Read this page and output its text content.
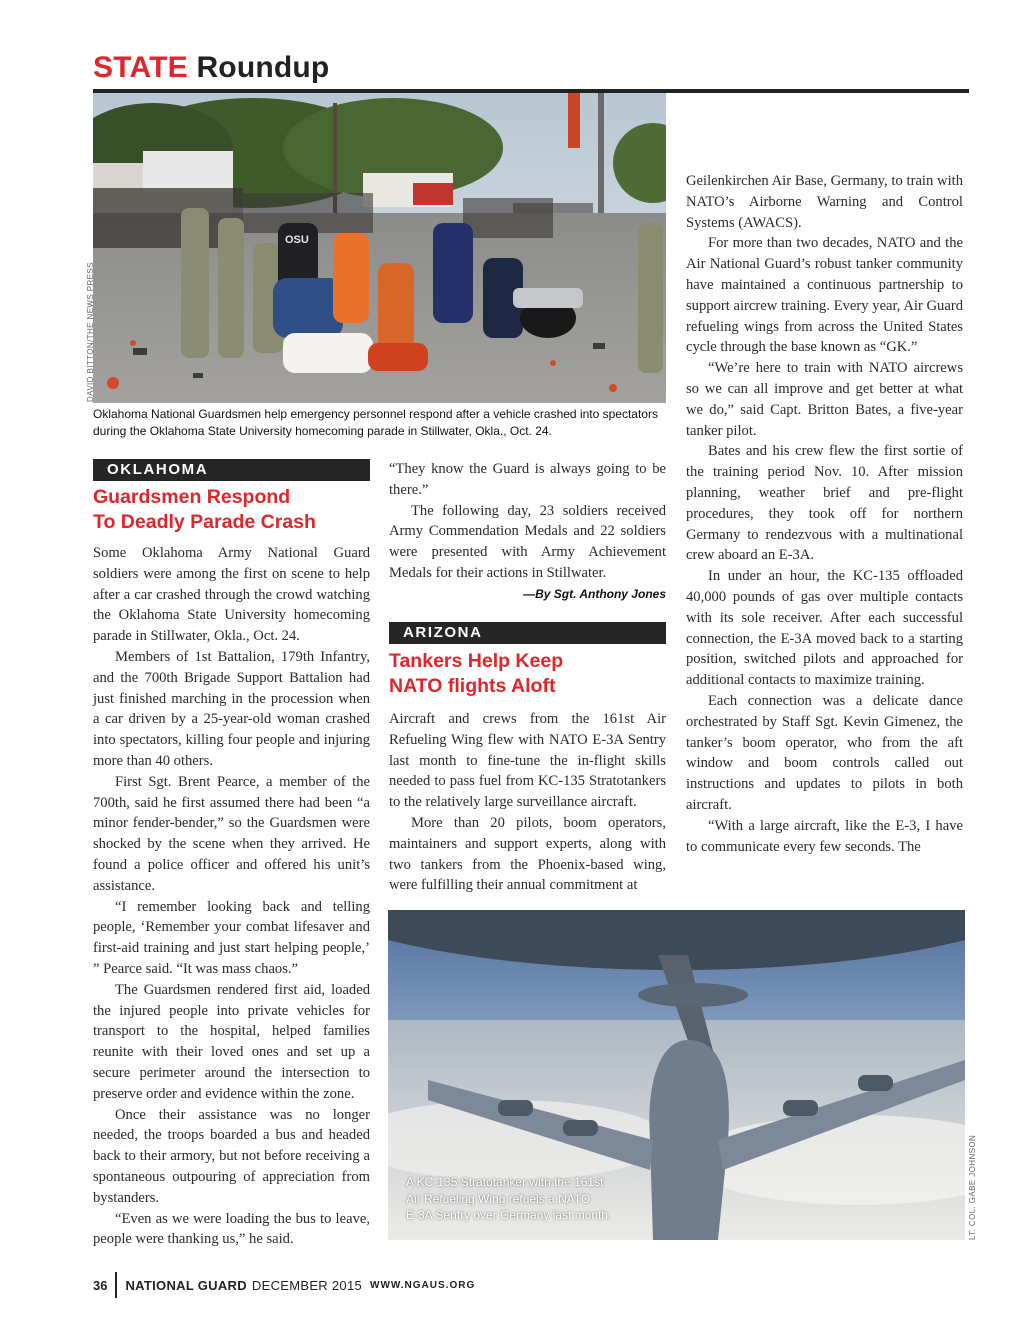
STATE Roundup
OSU
DAVID BITTON/THE NEWS PRESS
Oklahoma National Guardsmen help emergency personnel respond after a vehicle crashed into spectators during the Oklahoma State University homecoming parade in Stillwater, Okla., Oct. 24.
OKLAHOMA
Guardsmen Respond
To Deadly Parade Crash

Some Oklahoma Army National Guard soldiers were among the first on scene to help after a car crashed through the crowd watching the Oklahoma State University homecoming parade in Stillwater, Okla., Oct. 24.

Members of 1st Battalion, 179th Infantry, and the 700th Brigade Support Battalion had just finished marching in the procession when a car driven by a 25-year-old woman crashed into spectators, killing four people and injuring more than 40 others.

First Sgt. Brent Pearce, a member of the 700th, said he first assumed there had been “a minor fender-bender,” so the Guardsmen were shocked by the scene when they arrived. He found a police officer and offered his unit’s assistance.

“I remember looking back and telling people, ‘Remember your combat lifesaver and first-aid training and just start helping people,’ ” Pearce said. “It was mass chaos.”

The Guardsmen rendered first aid, loaded the injured people into private vehicles for transport to the hospital, helped families reunite with their loved ones and set up a secure perimeter around the intersection to preserve order and evidence within the zone.

Once their assistance was no longer needed, the troops boarded a bus and headed back to their armory, but not before receiving a spontaneous outpouring of appreciation from bystanders.

“Even as we were loading the bus to leave, people were thanking us,” he said.

“They know the Guard is always going to be there.”

The following day, 23 soldiers received Army Commendation Medals and 22 soldiers were presented with Army Achievement Medals for their actions in Stillwater.

—By Sgt. Anthony Jones
ARIZONA
Tankers Help Keep
NATO flights Aloft

Aircraft and crews from the 161st Air Refueling Wing flew with NATO E-3A Sentry last month to fine-tune the in-flight skills needed to pass fuel from KC-135 Stratotankers to the relatively large surveillance aircraft.

More than 20 pilots, boom operators, maintainers and support experts, along with two tankers from the Phoenix-based wing, were fulfilling their annual commitment at

Geilenkirchen Air Base, Germany, to train with NATO’s Airborne Warning and Control Systems (AWACS).

For more than two decades, NATO and the Air National Guard’s robust tanker community have maintained a continuous partnership to support aircrew training. Every year, Air Guard refueling wings from across the United States cycle through the base known as “GK.”

“We’re here to train with NATO aircrews so we can all improve and get better at what we do,” said Capt. Britton Bates, a five-year tanker pilot.

Bates and his crew flew the first sortie of the training period Nov. 10. After mission planning, weather brief and pre-flight procedures, they took off for northern Germany to rendezvous with a multinational crew aboard an E-3A.

In under an hour, the KC-135 offloaded 40,000 pounds of gas over multiple contacts with its sole receiver. After each successful connection, the E-3A moved back to a starting position, switched pilots and approached for additional contacts to maximize training.

Each connection was a delicate dance orchestrated by Staff Sgt. Kevin Gimenez, the tanker’s boom operator, who from the aft window and boom controls called out instructions and updates to pilots in both aircraft.

“With a large aircraft, like the E-3, I have to communicate every few seconds. The

A KC-135 Stratotanker with the 161st
Air Refueling Wing refuels a NATO
E-3A Sentry over Germany last month.	LT. COL. GABE JOHNSON
36 NATIONAL GUARD DECEMBER 2015 WWW.NGAUS.ORG
